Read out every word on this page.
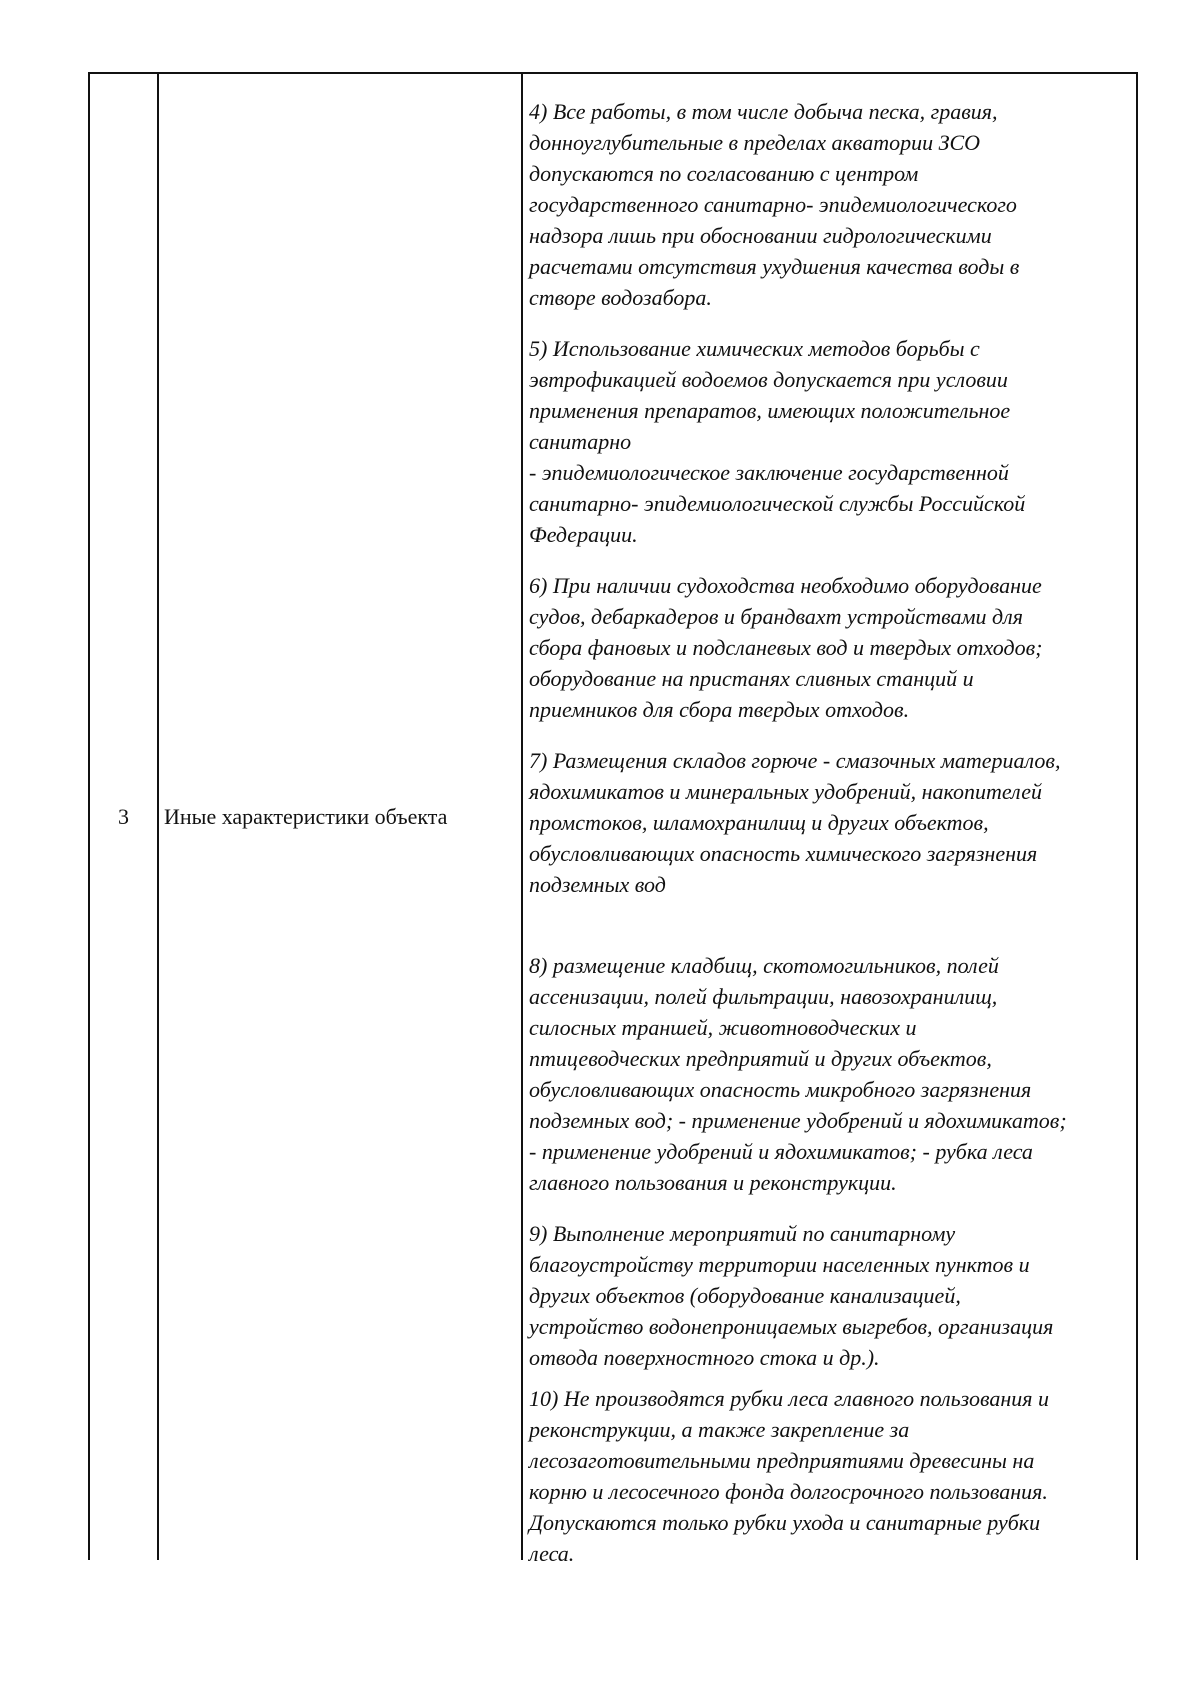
3 Иные характеристики объекта

4) Все работы, в том числе добыча песка, гравия,
донноуглубительные в пределах акватории ЗСО
допускаются по согласованию с центром
государственного санитарно- эпидемиологического
надзора лишь при обосновании гидрологическими
расчетами отсутствия ухудшения качества воды в
створе водозабора.

5) Использование химических методов борьбы с
эвтрофикацией водоемов допускается при условии
применения препаратов, имеющих положительное
санитарно
- эпидемиологическое заключение государственной
санитарно- эпидемиологической службы Российской
Федерации.

6) При наличии судоходства необходимо оборудование
судов, дебаркадеров и брандвахт устройствами для
сбора фановых и подсланевых вод и твердых отходов;
оборудование на пристанях сливных станций и
приемников для сбора твердых отходов.

7) Размещения складов горюче - смазочных материалов,
ядохимикатов и минеральных удобрений, накопителей
промстоков, шламохранилищ и других объектов,
обусловливающих опасность химического загрязнения
подземных вод

8) размещение кладбищ, скотомогильников, полей
ассенизации, полей фильтрации, навозохранилищ,
силосных траншей, животноводческих и
птицеводческих предприятий и других объектов,
обусловливающих опасность микробного загрязнения
подземных вод; - применение удобрений и ядохимикатов;
- применение удобрений и ядохимикатов; - рубка леса
главного пользования и реконструкции.

9) Выполнение мероприятий по санитарному
благоустройству территории населенных пунктов и
других объектов (оборудование канализацией,
устройство водонепроницаемых выгребов, организация
отвода поверхностного стока и др.).

10) Не производятся рубки леса главного пользования и
реконструкции, а также закрепление за
лесозаготовительными предприятиями древесины на
корню и лесосечного фонда долгосрочного пользования.
Допускаются только рубки ухода и санитарные рубки
леса.
